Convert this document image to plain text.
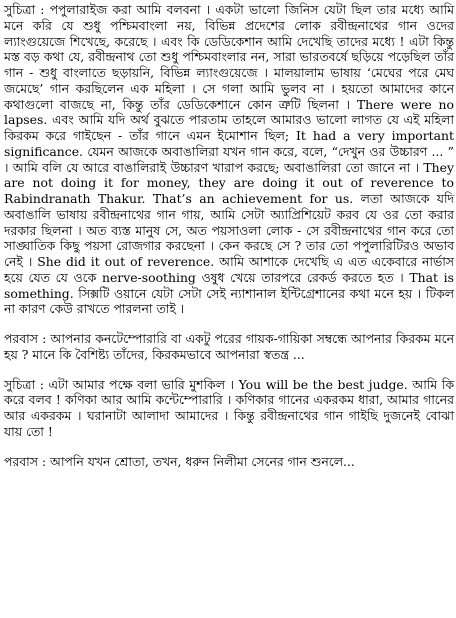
সুচিত্রা : পপুলারাইজ করা আমি বলবনা । একটা ভালো জিনিস যেটা ছিল তার মধ্যে আমি মনে করি যে শুধু পশ্চিমবাংলা নয়, বিভিন্ন প্রদেশের লোক রবীন্দ্রনাথের গান ওদের ল্যাংগুয়েজে শিখেছে, করেছে । এবং কি ডেডিকেশান আমি দেখেছি তাদের মধ্যে ! এটা কিন্তু মস্ত বড় কথা যে, রবীন্দ্রনাথ তো শুধু পশ্চিমবাংলার নন, সারা ভারতবর্ষে ছড়িয়ে পড়েছিল তাঁর গান - শুধু বাংলাতে ছড়ায়নি, বিভিন্ন ল্যাংগুয়েজে । মালয়ালাম ভাষায় ‘মেঘের পরে মেঘ জমেছে’ গান করছিলেন এক মহিলা । সে গলা আমি ভুলব না । হয়তো আমাদের কানে কথাগুলো বাজছে না, কিন্তু তাঁর ডেডিকেশানে কোন ত্রুটি ছিলনা । There were no lapses. এবং আমি যদি অর্থ বুঝতে পারতাম তাহলে আমারও ভালো লাগত যে এই মহিলা কিরকম করে গাইছেন - তাঁর গানে এমন ইমোশান ছিল; It had a very important significance. যেমন আজকে অবাঙালিরা যখন গান করে, বলে, “দেখুন ওর উচ্চারণ ... ” । আমি বলি যে আরে বাঙালিরাই উচ্চারণ খারাপ করছে; অবাঙালিরা তো জানে না । They are not doing it for money, they are doing it out of reverence to Rabindranath Thakur. That’s an achievement for us. লতা আজকে যদি অবাঙালি ভাষায় রবীন্দ্রনাথের গান গায়, আমি সেটা অ্যাপ্রিশিয়েট করব যে ওর তো করার দরকার ছিলনা । অত ব্যস্ত মানুষ সে, অত পয়সাওলা লোক - সে রবীন্দ্রনাথের গান করে তো সাঙ্ঘাতিক কিছু পয়সা রোজগার করছেনা । কেন করছে সে ? তার তো পপুলারিটিরও অভাব নেই । She did it out of reverence. আমি আশাকে দেখেছি এ এত একেবারে নার্ভাস হয়ে যেত যে ওকে nerve-soothing ওষুধ খেয়ে তারপরে রেকর্ড করতে হত । That is something. সিক্সটি ওয়ানে যেটা সেটা সেই ন্যাশানাল ইন্টিগ্রেশানের কথা মনে হয় । টিকল না কারণ কেউ রাখতে পারলনা তাই ।

পরবাস : আপনার কনটেম্পোরারি বা একটু পরের গায়ক-গায়িকা সম্বন্ধে আপনার কিরকম মনে হয় ? মানে কি বৈশিষ্ট্য তাঁদের, কিরকমভাবে আপনারা স্বতন্ত্র ...

সুচিত্রা : এটা আমার পক্ষে বলা ভারি মুশকিল । You will be the best judge. আমি কি করে বলব ! কণিকা আর আমি কন্টেম্পোরারি । কণিকার গানের একরকম ধারা, আমার গানের আর একরকম । ঘরানাটা আলাদা আমাদের । কিন্তু রবীন্দ্রনাথের গান গাইছি দুজনেই বোঝা যায় তো !

পরবাস : আপনি যখন শ্রোতা, তখন, ধরুন নিলীমা সেনের গান শুনলে...
